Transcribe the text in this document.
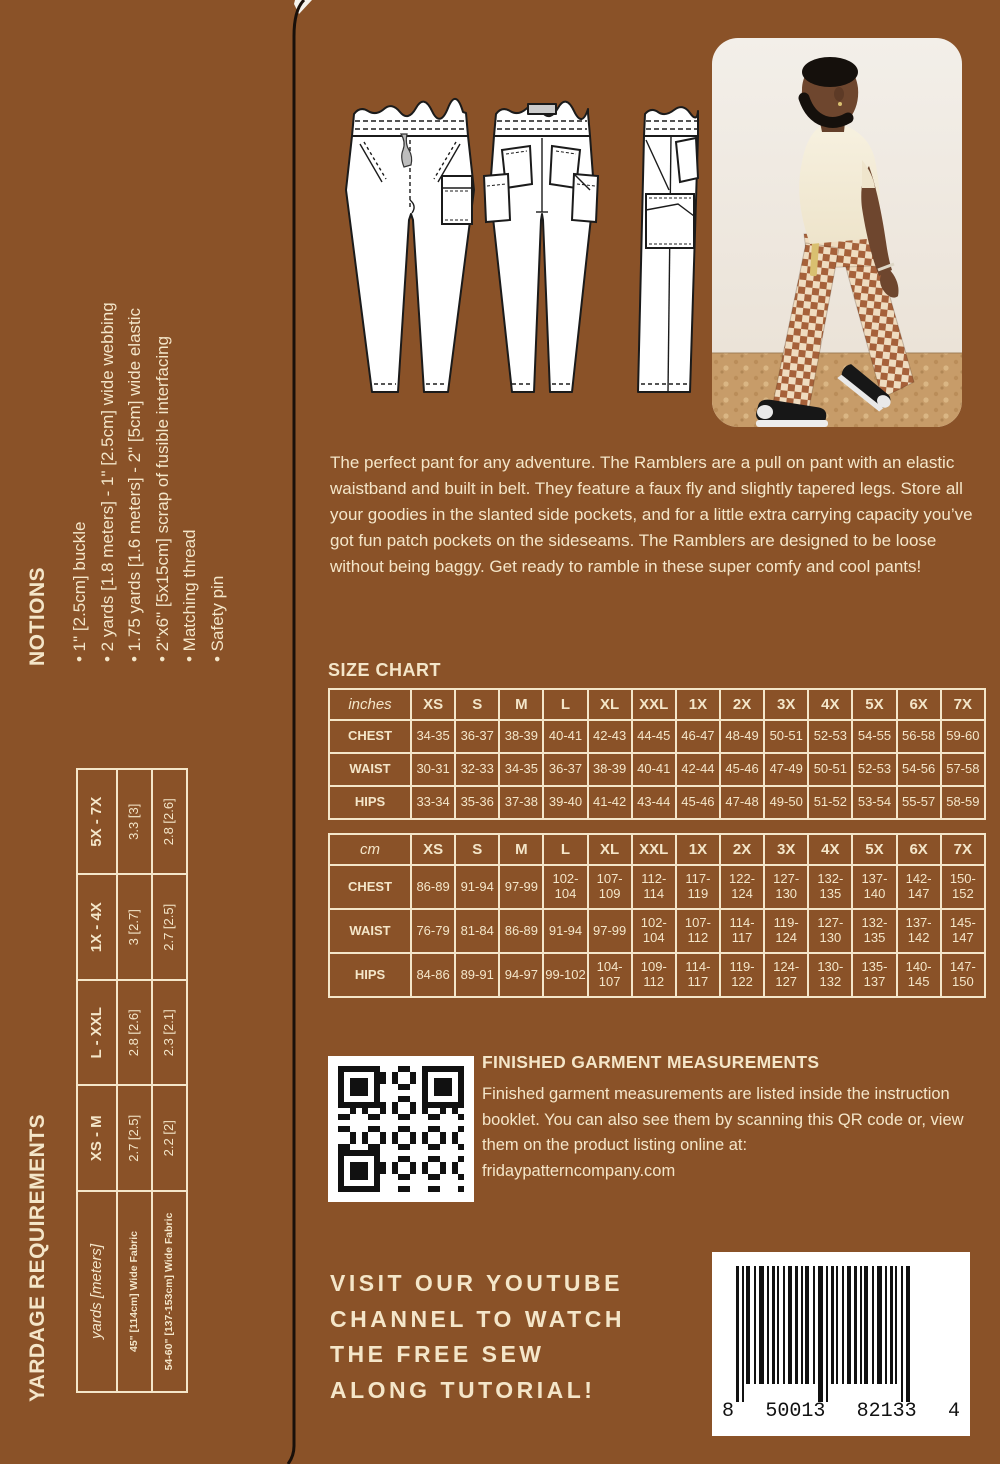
NOTIONS • 1" [2.5cm] buckle • 2 yards [1.8 meters] - 1" [2.5cm] wide webbing • 1.75 yards [1.6 meters] - 2" [5cm] wide elastic • 2"x6" [5x15cm] scrap of fusible interfacing • Matching thread • Safety pin
YARDAGE REQUIREMENTS	yards [meters]	XS - M	L - XXL	1X - 4X	5X - 7X
45" [114cm] Wide Fabric	2.7 [2.5]	2.8 [2.6]	3 [2.7]	3.3 [3]
54-60" [137-153cm] Wide Fabric	2.2 [2]	2.3 [2.1]	2.7 [2.5]	2.8 [2.6]
The perfect pant for any adventure. The Ramblers are a pull on pant with an elastic waistband and built in belt. They feature a faux fly and slightly tapered legs. Store all your goodies in the slanted side pockets, and for a little extra carrying capacity you’ve got fun patch pockets on the sideseams. The Ramblers are designed to be loose without being baggy. Get ready to ramble in these super comfy and cool pants!
SIZE CHART
inches	XS	S	M	L	XL	XXL	1X	2X	3X	4X	5X	6X	7X
CHEST	34-35	36-37	38-39	40-41	42-43	44-45	46-47	48-49	50-51	52-53	54-55	56-58	59-60
WAIST	30-31	32-33	34-35	36-37	38-39	40-41	42-44	45-46	47-49	50-51	52-53	54-56	57-58
HIPS	33-34	35-36	37-38	39-40	41-42	43-44	45-46	47-48	49-50	51-52	53-54	55-57	58-59
cm	XS	S	M	L	XL	XXL	1X	2X	3X	4X	5X	6X	7X
CHEST	86-89	91-94	97-99	102-104	107-109	112-114	117-119	122-124	127-130	132-135	137-140	142-147	150-152
WAIST	76-79	81-84	86-89	91-94	97-99	102-104	107-112	114-117	119-124	127-130	132-135	137-142	145-147
HIPS	84-86	89-91	94-97	99-102	104-107	109-112	114-117	119-122	124-127	130-132	135-137	140-145	147-150
FINISHED GARMENT MEASUREMENTS
Finished garment measurements are listed inside the instruction booklet. You can also see them by scanning this QR code or, view them on the product listing online at:
fridaypatterncompany.com
VISIT OUR YOUTUBE
CHANNEL TO WATCH
THE FREE SEW
ALONG TUTORIAL!
8 50013 82133 4
